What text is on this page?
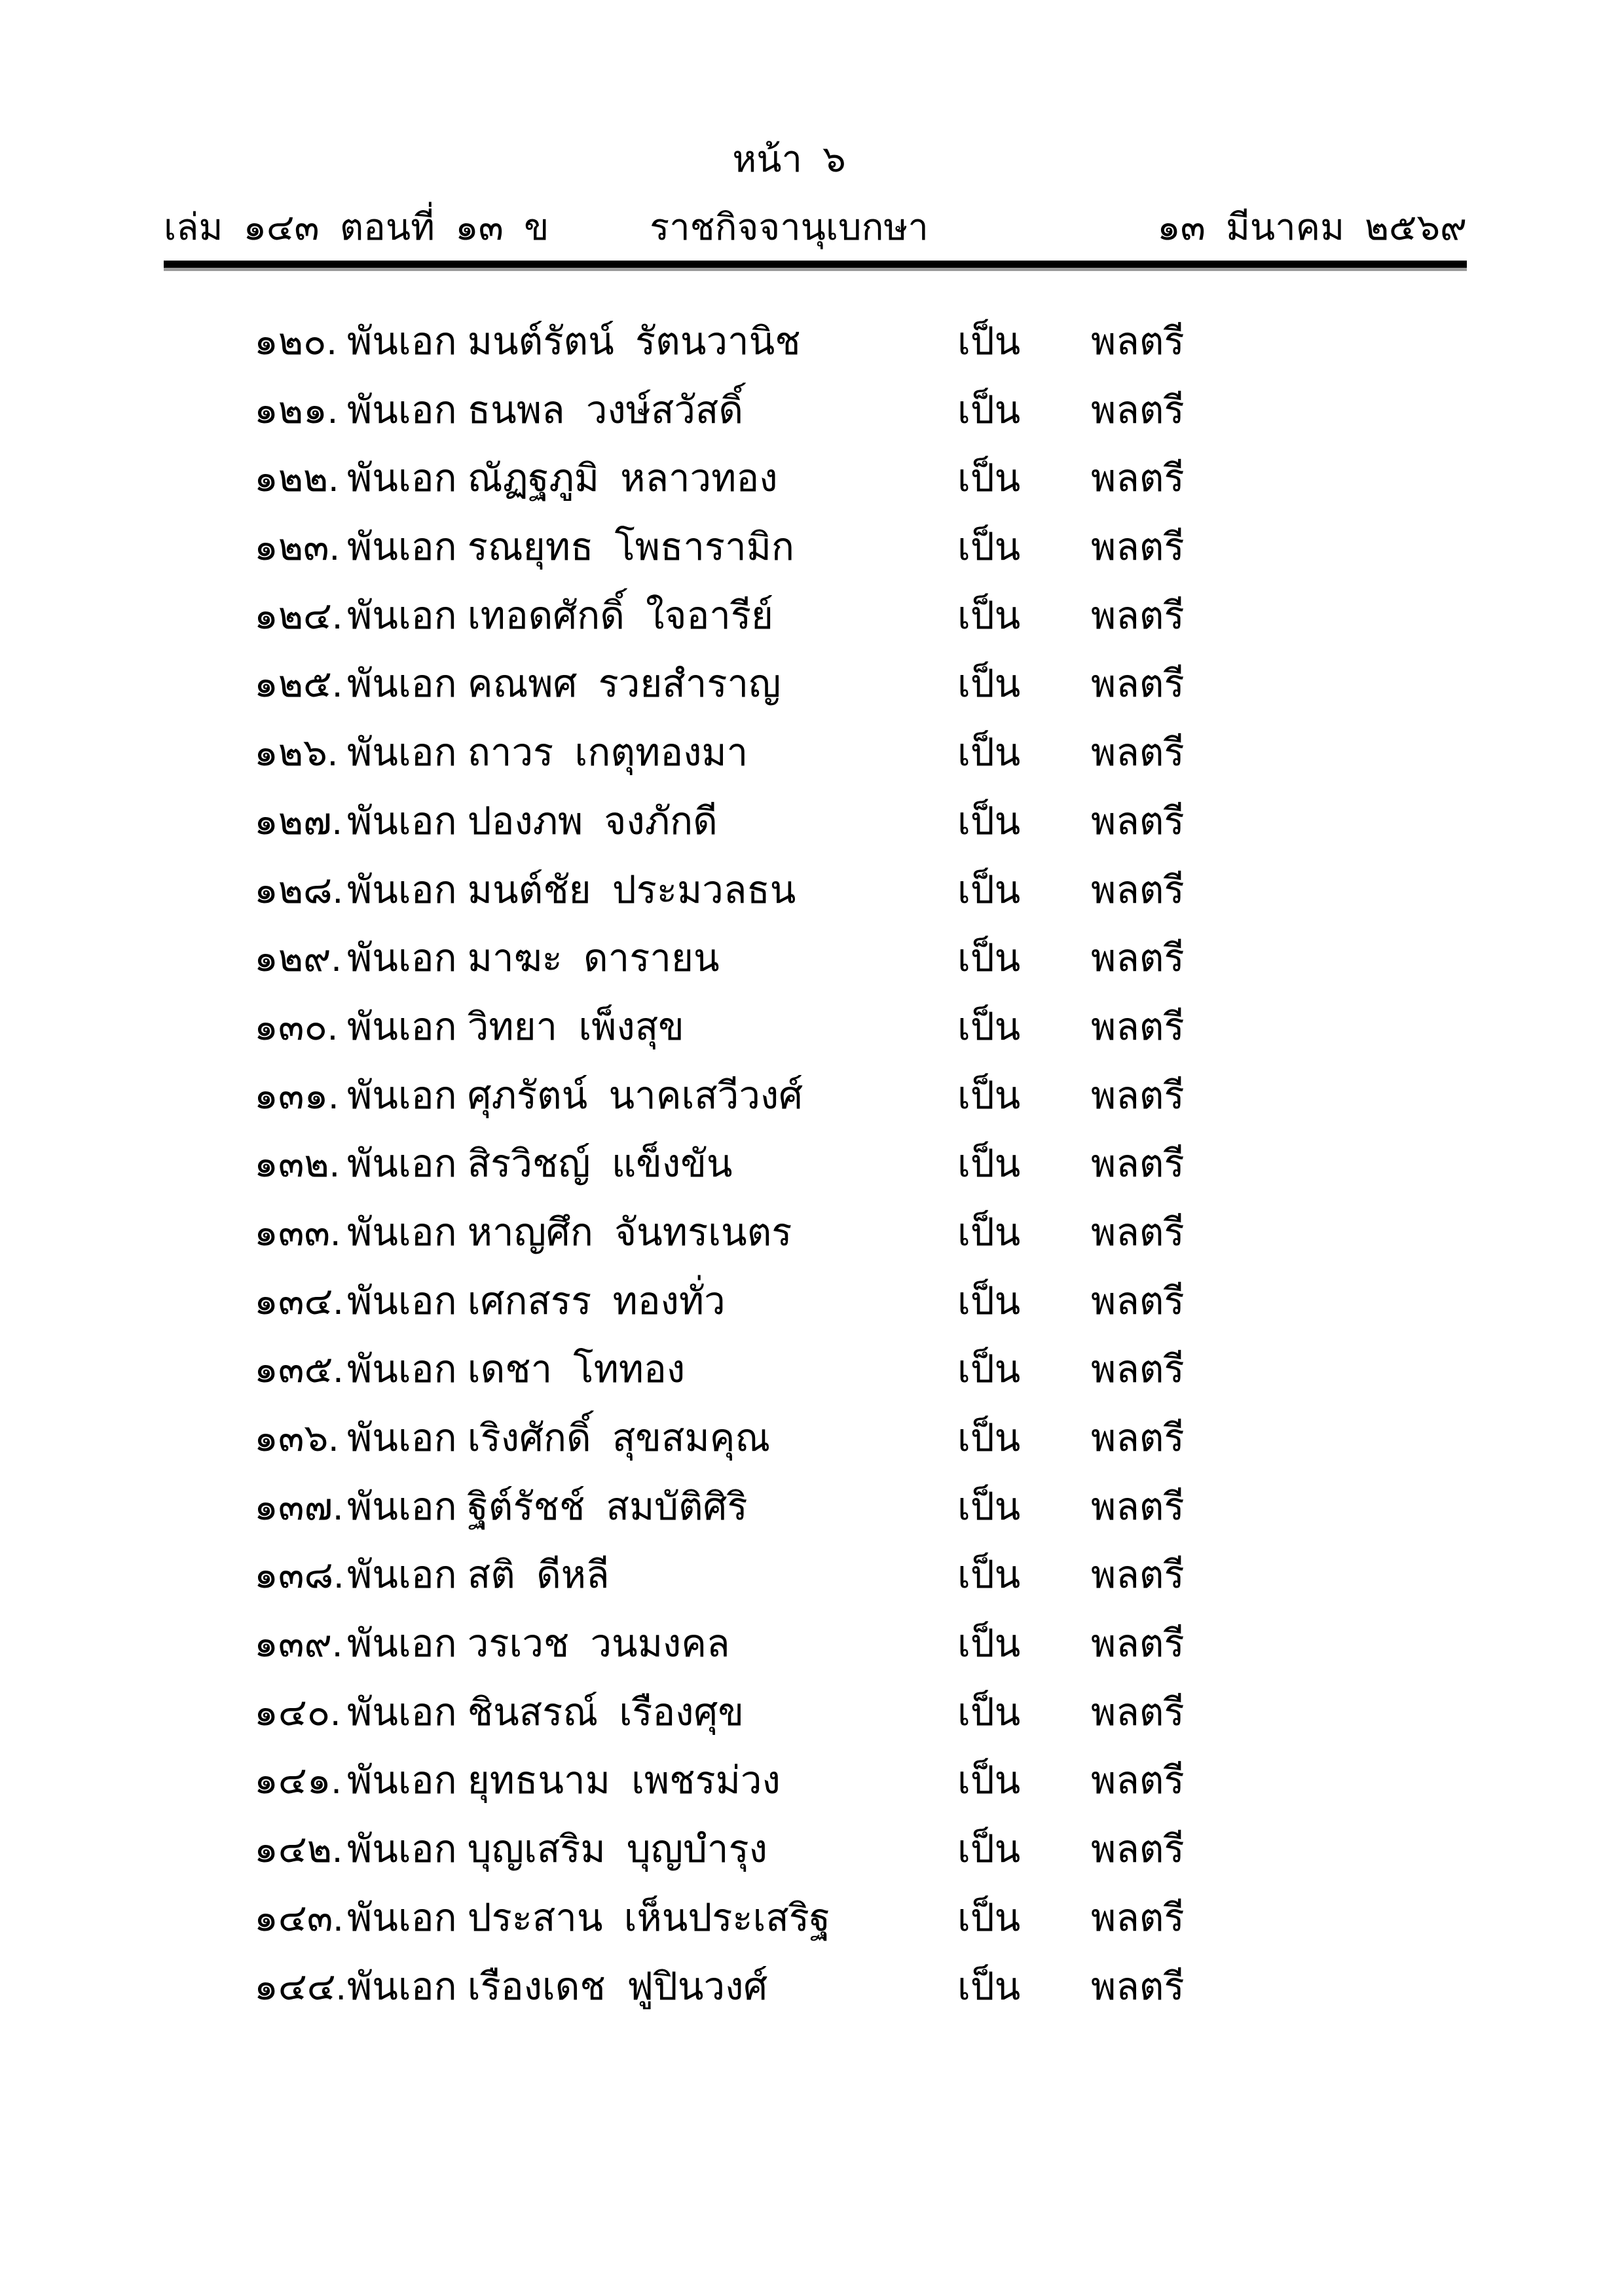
หน้า  ๖
เล่ม  ๑๔๓  ตอนที่  ๑๓  ข	ราชกิจจานุเบกษา	๑๓  มีนาคม  ๒๕๖๙
๑๒๐. พันเอก มนต์รัตน์  รัตนวานิช	เป็น พลตรี
๑๒๑. พันเอก ธนพล  วงษ์สวัสดิ์	เป็น พลตรี
๑๒๒. พันเอก ณัฏฐภูมิ  หลาวทอง	เป็น พลตรี
๑๒๓. พันเอก รณยุทธ  โพธารามิก	เป็น พลตรี
๑๒๔. พันเอก เทอดศักดิ์  ใจอารีย์	เป็น พลตรี
๑๒๕. พันเอก คณพศ  รวยสำราญ	เป็น พลตรี
๑๒๖. พันเอก ถาวร  เกตุทองมา	เป็น พลตรี
๑๒๗. พันเอก ปองภพ  จงภักดี	เป็น พลตรี
๑๒๘. พันเอก มนต์ชัย  ประมวลธน	เป็น พลตรี
๑๒๙. พันเอก มาฆะ  ดารายน	เป็น พลตรี
๑๓๐. พันเอก วิทยา  เพ็งสุข	เป็น พลตรี
๑๓๑. พันเอก ศุภรัตน์  นาคเสวีวงศ์	เป็น พลตรี
๑๓๒. พันเอก สิรวิชญ์  แข็งขัน	เป็น พลตรี
๑๓๓. พันเอก หาญศึก  จันทรเนตร	เป็น พลตรี
๑๓๔. พันเอก เศกสรร  ทองทั่ว	เป็น พลตรี
๑๓๕. พันเอก เดชา  โททอง	เป็น พลตรี
๑๓๖. พันเอก เริงศักดิ์  สุขสมคุณ	เป็น พลตรี
๑๓๗. พันเอก ฐิต์รัชช์  สมบัติศิริ	เป็น พลตรี
๑๓๘. พันเอก สติ  ดีหลี	เป็น พลตรี
๑๓๙. พันเอก วรเวช  วนมงคล	เป็น พลตรี
๑๔๐. พันเอก ชินสรณ์  เรืองศุข	เป็น พลตรี
๑๔๑. พันเอก ยุทธนาม  เพชรม่วง	เป็น พลตรี
๑๔๒. พันเอก บุญเสริม  บุญบำรุง	เป็น พลตรี
๑๔๓. พันเอก ประสาน  เห็นประเสริฐ	เป็น พลตรี
๑๔๔. พันเอก เรืองเดช  ฟูปินวงศ์	เป็น พลตรี
